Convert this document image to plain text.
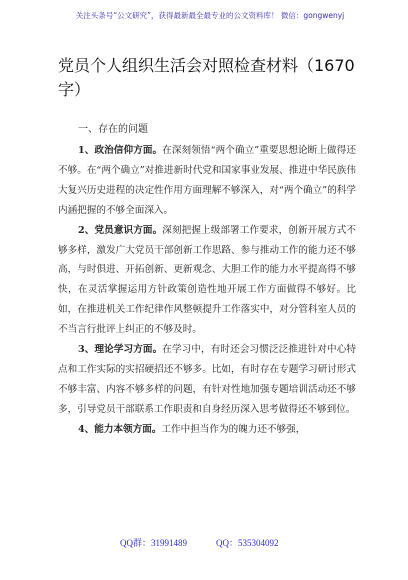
关注头条号“公文研究”，获得最新最全最专业的公文资料库！ 微信：gongwenyj
党员个人组织生活会对照检查材料（1670字）

一、存在的问题

1、政治信仰方面。在深刻领悟“两个确立”重要思想论断上做得还不够。在“两个确立”对推进新时代党和国家事业发展、推进中华民族伟大复兴历史进程的决定性作用方面理解不够深入，对“两个确立”的科学内涵把握的不够全面深入。

2、党员意识方面。深刻把握上级部署工作要求，创新开展方式不够多样，激发广大党员干部创新工作思路、参与推动工作的能力还不够高，与时俱进、开拓创新、更新观念、大胆工作的能力水平提高得不够快，在灵活掌握运用方针政策创造性地开展工作方面做得不够好。比如，在推进机关工作纪律作风整顿提升工作落实中，对分管科室人员的不当言行批评上纠正的不够及时。

3、理论学习方面。在学习中，有时还会习惯泛泛推进针对中心特点和工作实际的实招硬招还不够多。比如，有时存在专题学习研讨形式不够丰富、内容不够多样的问题，有针对性地加强专题培训活动还不够多，引导党员干部联系工作职责和自身经历深入思考做得还不够到位。

4、能力本领方面。工作中担当作为的魄力还不够强，

QQ群：31991489	QQ：535304092
